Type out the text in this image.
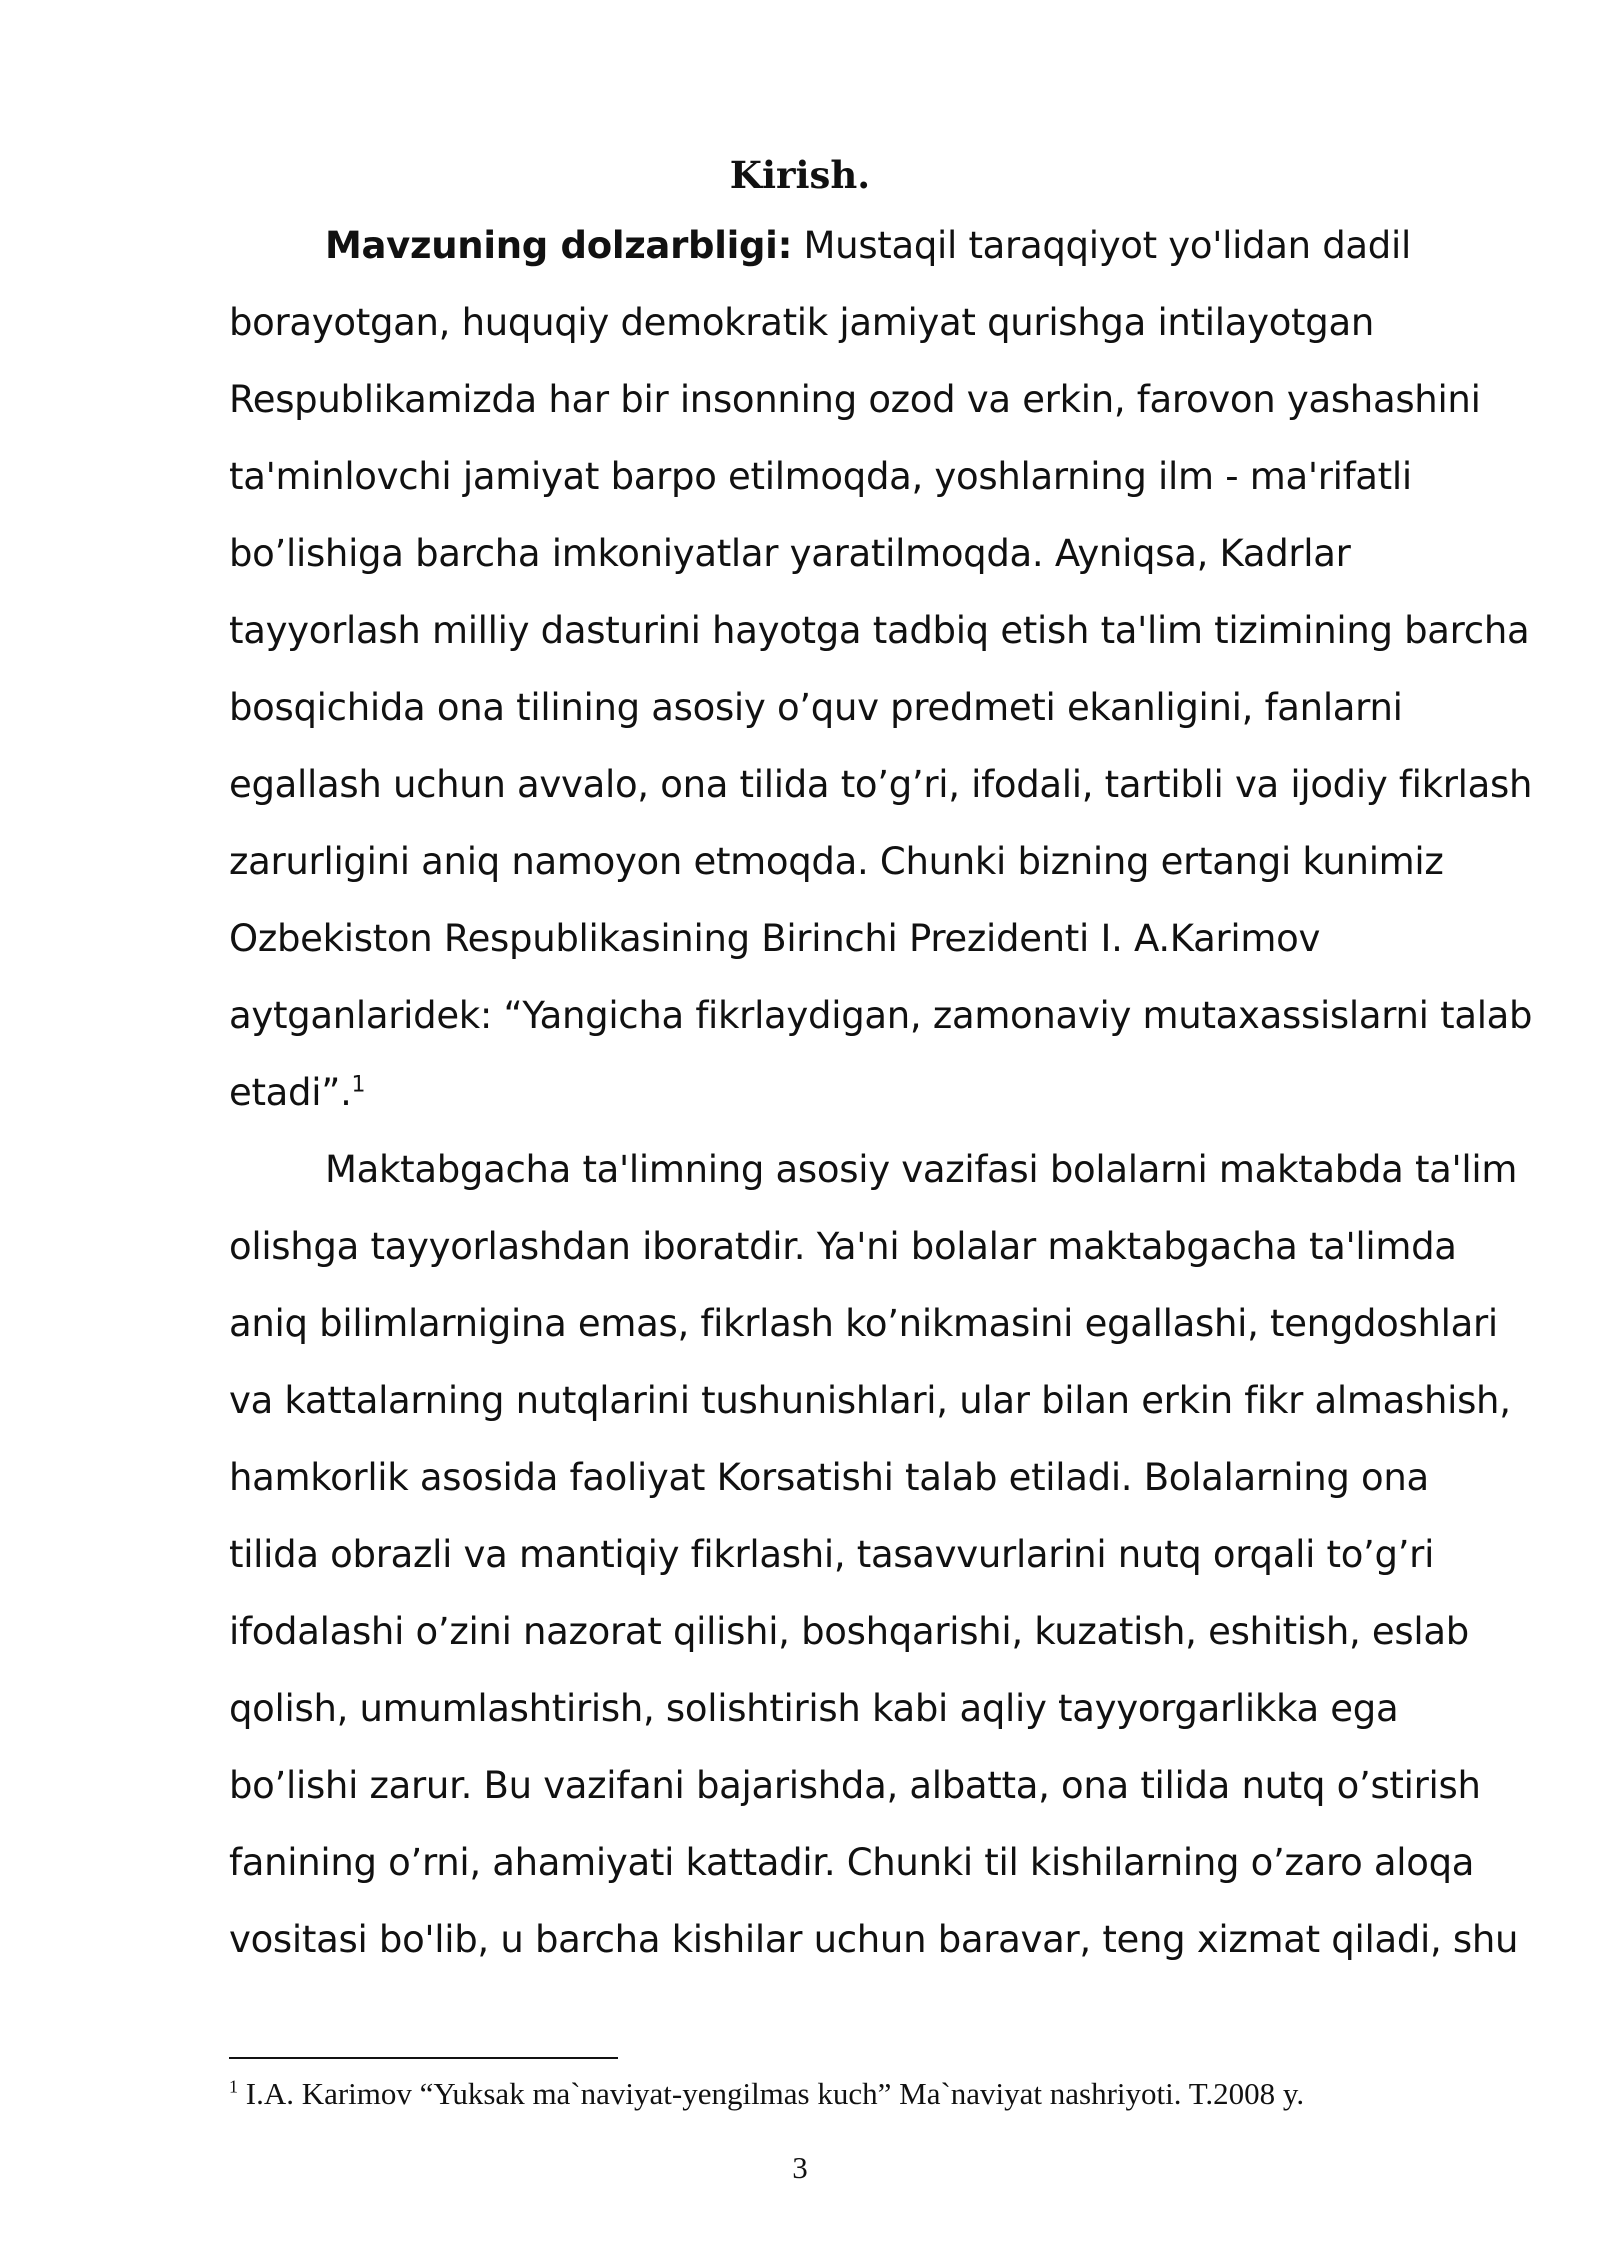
Kirish.
Mavzuning dolzarbligi: Mustaqil taraqqiyot yo'lidan dadil
borayotgan, huquqiy demokratik jamiyat qurishga intilayotgan
Respublikamizda har bir insonning ozod va erkin, farovon yashashini
ta'minlovchi jamiyat barpo etilmoqda, yoshlarning ilm - ma'rifatli
bo’lishiga barcha imkoniyatlar yaratilmoqda. Ayniqsa, Kadrlar
tayyorlash milliy dasturini hayotga tadbiq etish ta'lim tizimining barcha
bosqichida ona tilining asosiy o’quv predmeti ekanligini, fanlarni
egallash uchun avvalo, ona tilida to’g’ri, ifodali, tartibli va ijodiy fikrlash
zarurligini aniq namoyon etmoqda. Chunki bizning ertangi kunimiz
Ozbekiston Respublikasining Birinchi Prezidenti I. A.Karimov
aytganlaridek: “Yangicha fikrlaydigan, zamonaviy mutaxassislarni talab
etadi”.$^1$
Maktabgacha ta'limning asosiy vazifasi bolalarni maktabda ta'lim
olishga tayyorlashdan iboratdir. Ya'ni bolalar maktabgacha ta'limda
aniq bilimlarnigina emas, fikrlash ko’nikmasini egallashi, tengdoshlari
va kattalarning nutqlarini tushunishlari, ular bilan erkin fikr almashish,
hamkorlik asosida faoliyat Korsatishi talab etiladi. Bolalarning ona
tilida obrazli va mantiqiy fikrlashi, tasavvurlarini nutq orqali to’g’ri
ifodalashi o’zini nazorat qilishi, boshqarishi, kuzatish, eshitish, eslab
qolish, umumlashtirish, solishtirish kabi aqliy tayyorgarlikka ega
bo’lishi zarur. Bu vazifani bajarishda, albatta, ona tilida nutq o’stirish
fanining o’rni, ahamiyati kattadir. Chunki til kishilarning o’zaro aloqa
vositasi bo'lib, u barcha kishilar uchun baravar, teng xizmat qiladi, shu
$^1$ I.A. Karimov “Yuksak ma`naviyat-yengilmas kuch” Ma`naviyat nashriyoti. T.2008 y.
3
